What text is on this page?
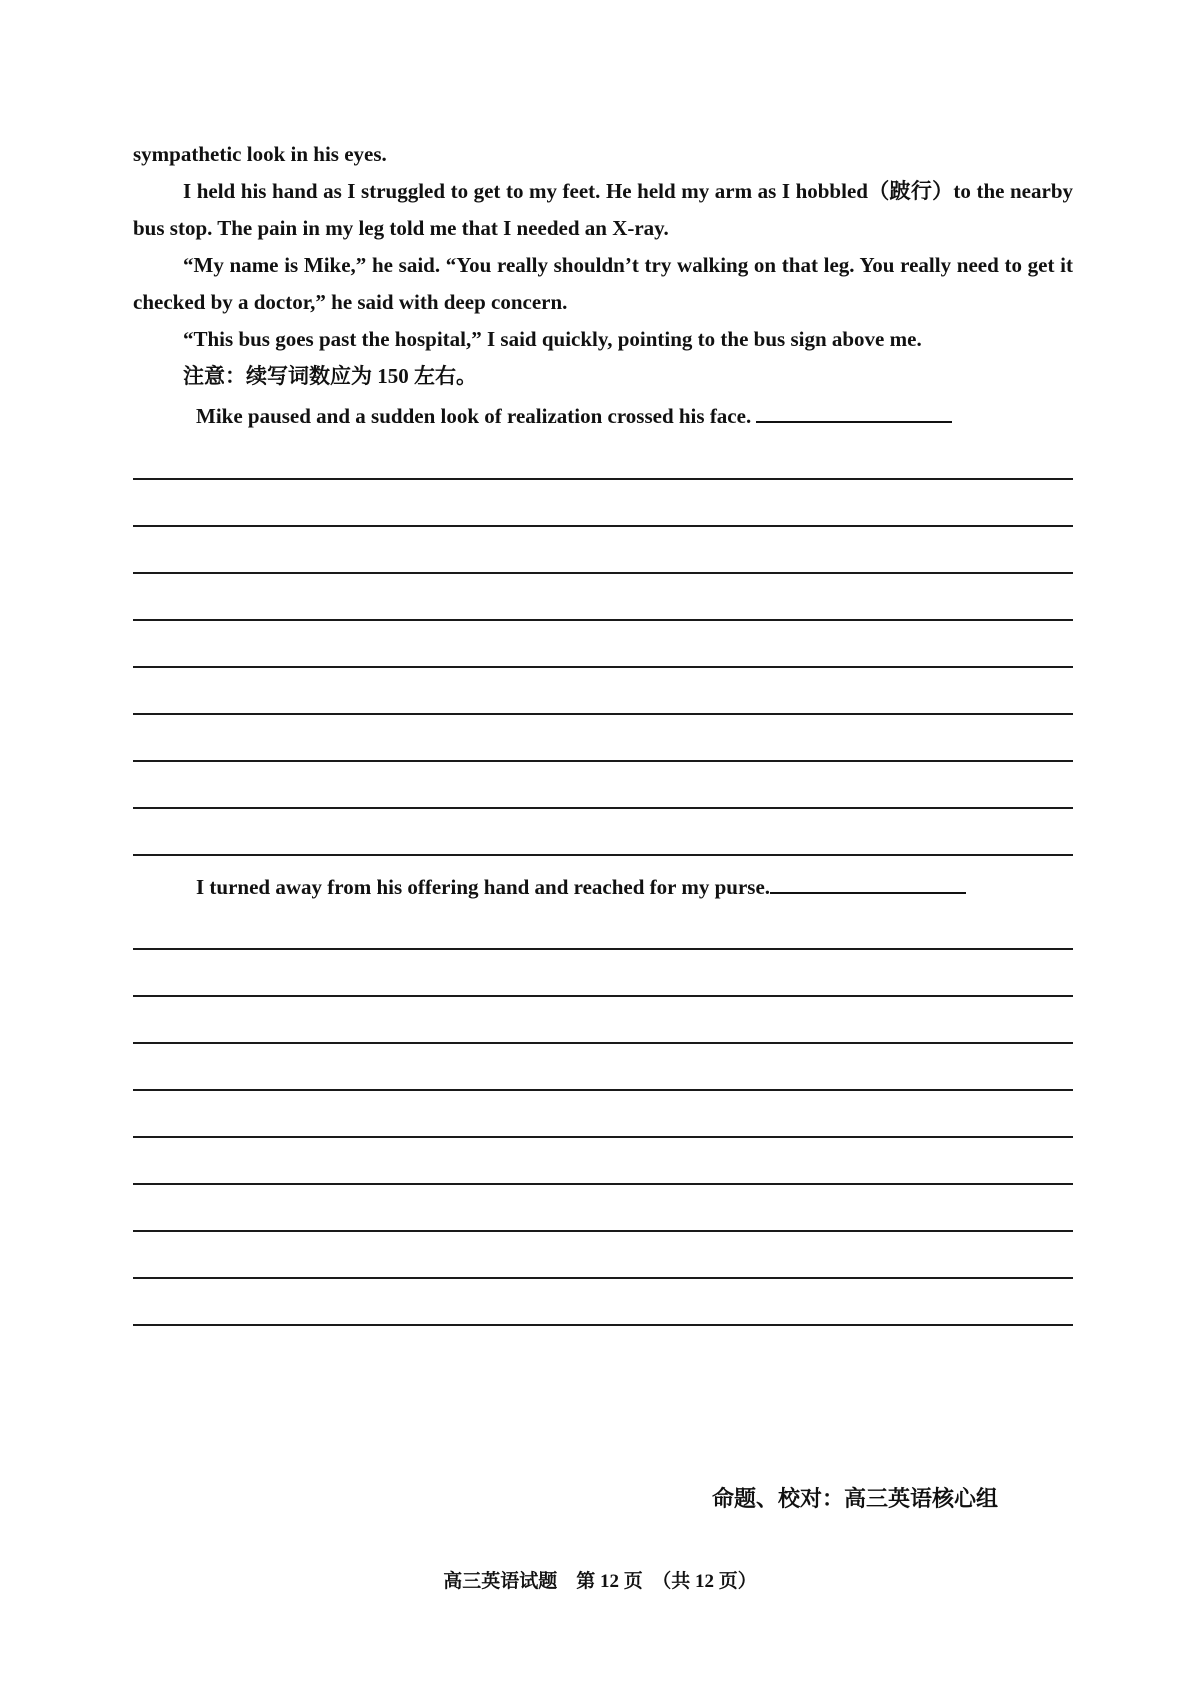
sympathetic look in his eyes.

I held his hand as I struggled to get to my feet. He held my arm as I hobbled（跛行）to the nearby bus stop. The pain in my leg told me that I needed an X-ray.

“My name is Mike,” he said. “You really shouldn’t try walking on that leg. You really need to get it checked by a doctor,” he said with deep concern.

“This bus goes past the hospital,” I said quickly, pointing to the bus sign above me.

注意：续写词数应为 150 左右。

Mike paused and a sudden look of realization crossed his face.
I turned away from his offering hand and reached for my purse.
命题、校对：高三英语核心组
高三英语试题　第 12 页　（共 12 页）
